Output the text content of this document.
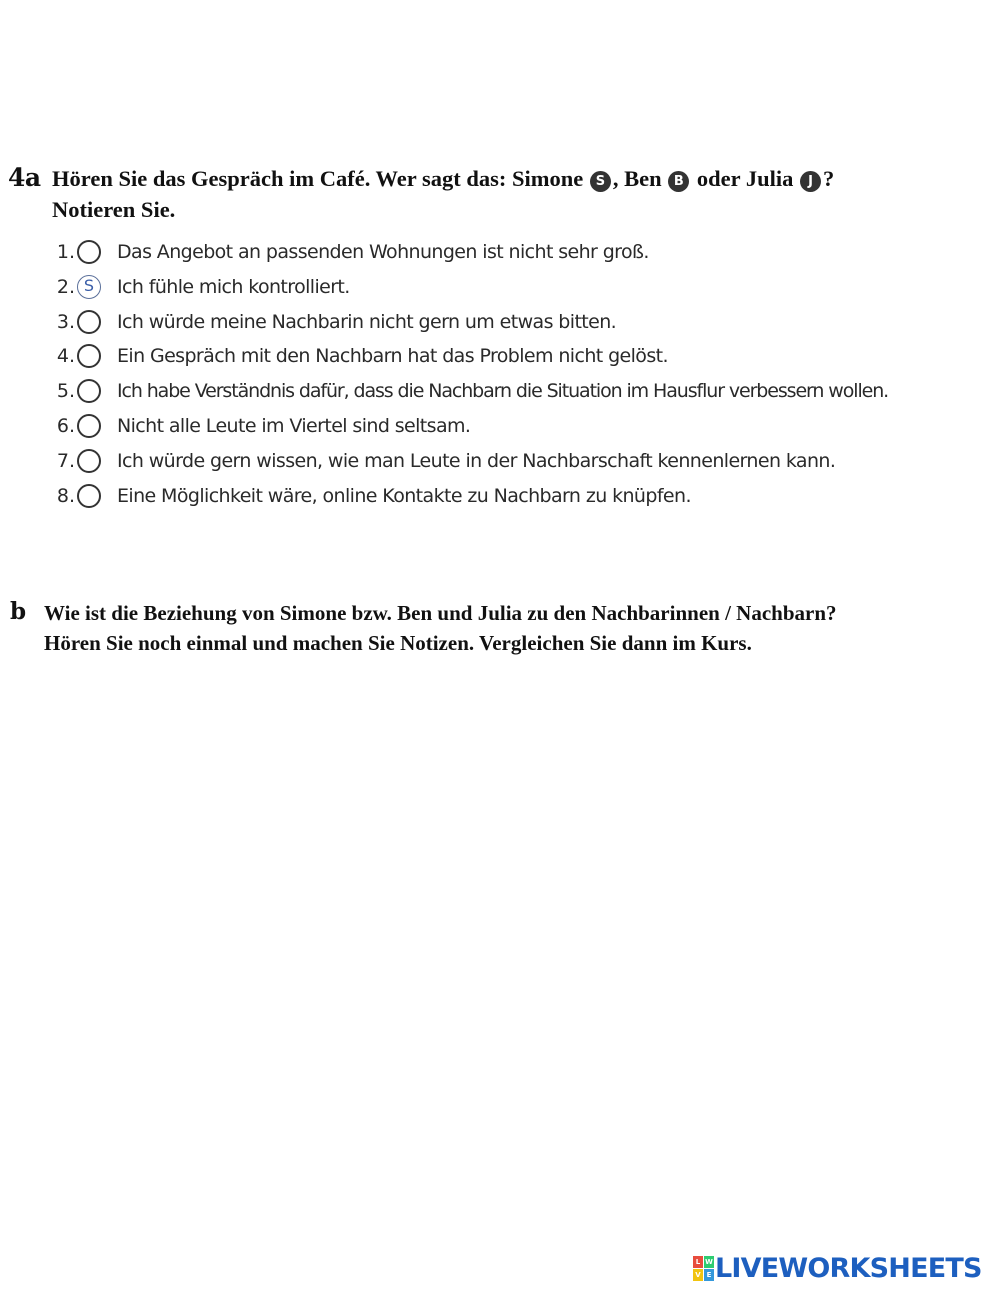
4a Hören Sie das Gespräch im Café. Wer sagt das: Simone S , Ben B oder Julia J ?
Notieren Sie.
1. Das Angebot an passenden Wohnungen ist nicht sehr groß.
2. S	Ich fühle mich kontrolliert.
3. Ich würde meine Nachbarin nicht gern um etwas bitten.
4. Ein Gespräch mit den Nachbarn hat das Problem nicht gelöst.
5. Ich habe Verständnis dafür, dass die Nachbarn die Situation im Hausflur verbessern wollen.
6. Nicht alle Leute im Viertel sind seltsam.
7. Ich würde gern wissen, wie man Leute in der Nachbarschaft kennenlernen kann.
8. Eine Möglichkeit wäre, online Kontakte zu Nachbarn zu knüpfen.
b Wie ist die Beziehung von Simone bzw. Ben und Julia zu den Nachbarinnen / Nachbarn?
Hören Sie noch einmal und machen Sie Notizen. Vergleichen Sie dann im Kurs.
L W
V E LIVEWORKSHEETS
